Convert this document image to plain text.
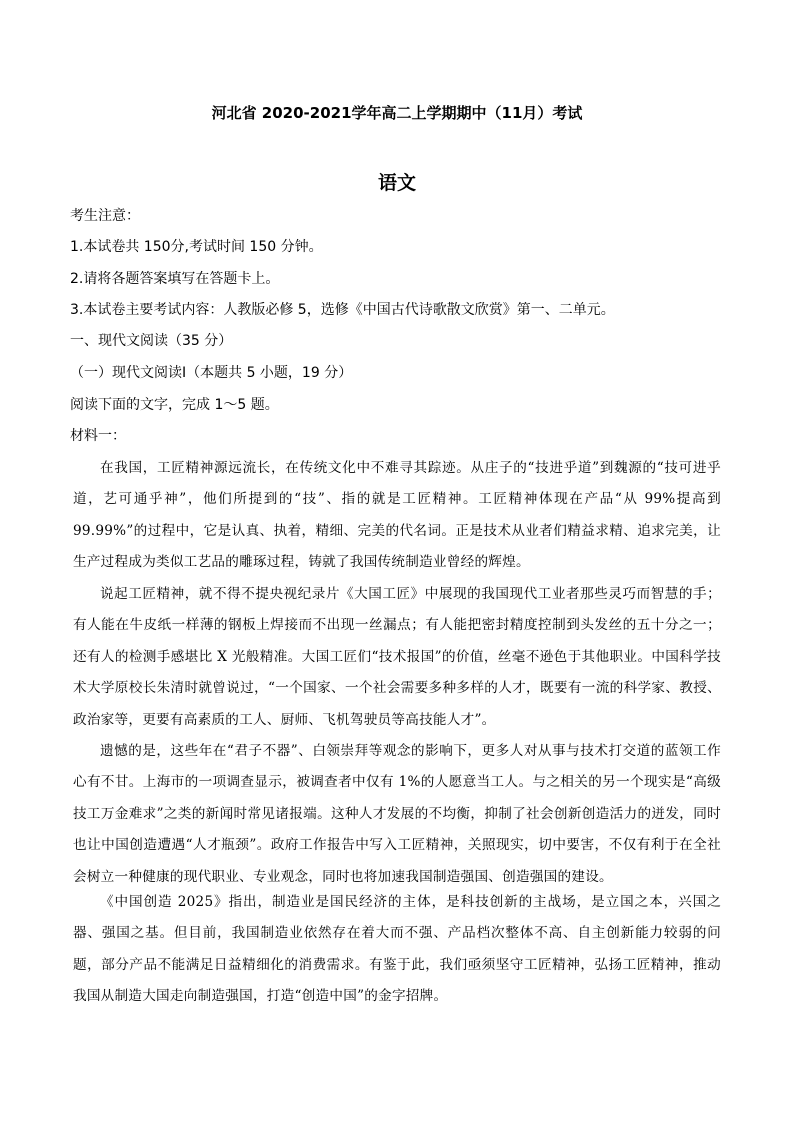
河北省 2020-2021学年高二上学期期中（11月）考试
语文
考生注意：
1.本试卷共 150分,考试时间 150 分钟。
2.请将各题答案填写在答题卡上。
3.本试卷主要考试内容：人教版必修 5，选修《中国古代诗歌散文欣赏》第一、二单元。
一、现代文阅读（35 分）
（一）现代文阅读Ⅰ（本题共 5 小题，19 分）
阅读下面的文字，完成 1～5 题。
材料一：
在我国，工匠精神源远流长，在传统文化中不难寻其踪迹。从庄子的“技进乎道”到魏源的“技可进乎道，艺可通乎神”，他们所提到的“技”、指的就是工匠精神。工匠精神体现在产品“从 99%提高到 99.99%”的过程中，它是认真、执着，精细、完美的代名词。正是技术从业者们精益求精、追求完美，让生产过程成为类似工艺品的雕琢过程，铸就了我国传统制造业曾经的辉煌。
说起工匠精神，就不得不提央视纪录片《大国工匠》中展现的我国现代工业者那些灵巧而智慧的手；有人能在牛皮纸一样薄的钢板上焊接而不出现一丝漏点；有人能把密封精度控制到头发丝的五十分之一；还有人的检测手感堪比 X 光般精准。大国工匠们“技术报国”的价值，丝毫不逊色于其他职业。中国科学技术大学原校长朱清时就曾说过，“一个国家、一个社会需要多种多样的人才，既要有一流的科学家、教授、政治家等，更要有高素质的工人、厨师、飞机驾驶员等高技能人才”。
遗憾的是，这些年在“君子不器”、白领崇拜等观念的影响下，更多人对从事与技术打交道的蓝领工作心有不甘。上海市的一项调查显示，被调查者中仅有 1%的人愿意当工人。与之相关的另一个现实是“高级技工万金难求”之类的新闻时常见诸报端。这种人才发展的不均衡，抑制了社会创新创造活力的迸发，同时也让中国创造遭遇“人才瓶颈”。政府工作报告中写入工匠精神，关照现实，切中要害，不仅有利于在全社会树立一种健康的现代职业、专业观念，同时也将加速我国制造强国、创造强国的建设。
《中国创造 2025》指出，制造业是国民经济的主体，是科技创新的主战场，是立国之本，兴国之器、强国之基。但目前，我国制造业依然存在着大而不强、产品档次整体不高、自主创新能力较弱的问题，部分产品不能满足日益精细化的消费需求。有鉴于此，我们亟须坚守工匠精神，弘扬工匠精神，推动我国从制造大国走向制造强国，打造“创造中国”的金字招牌。
